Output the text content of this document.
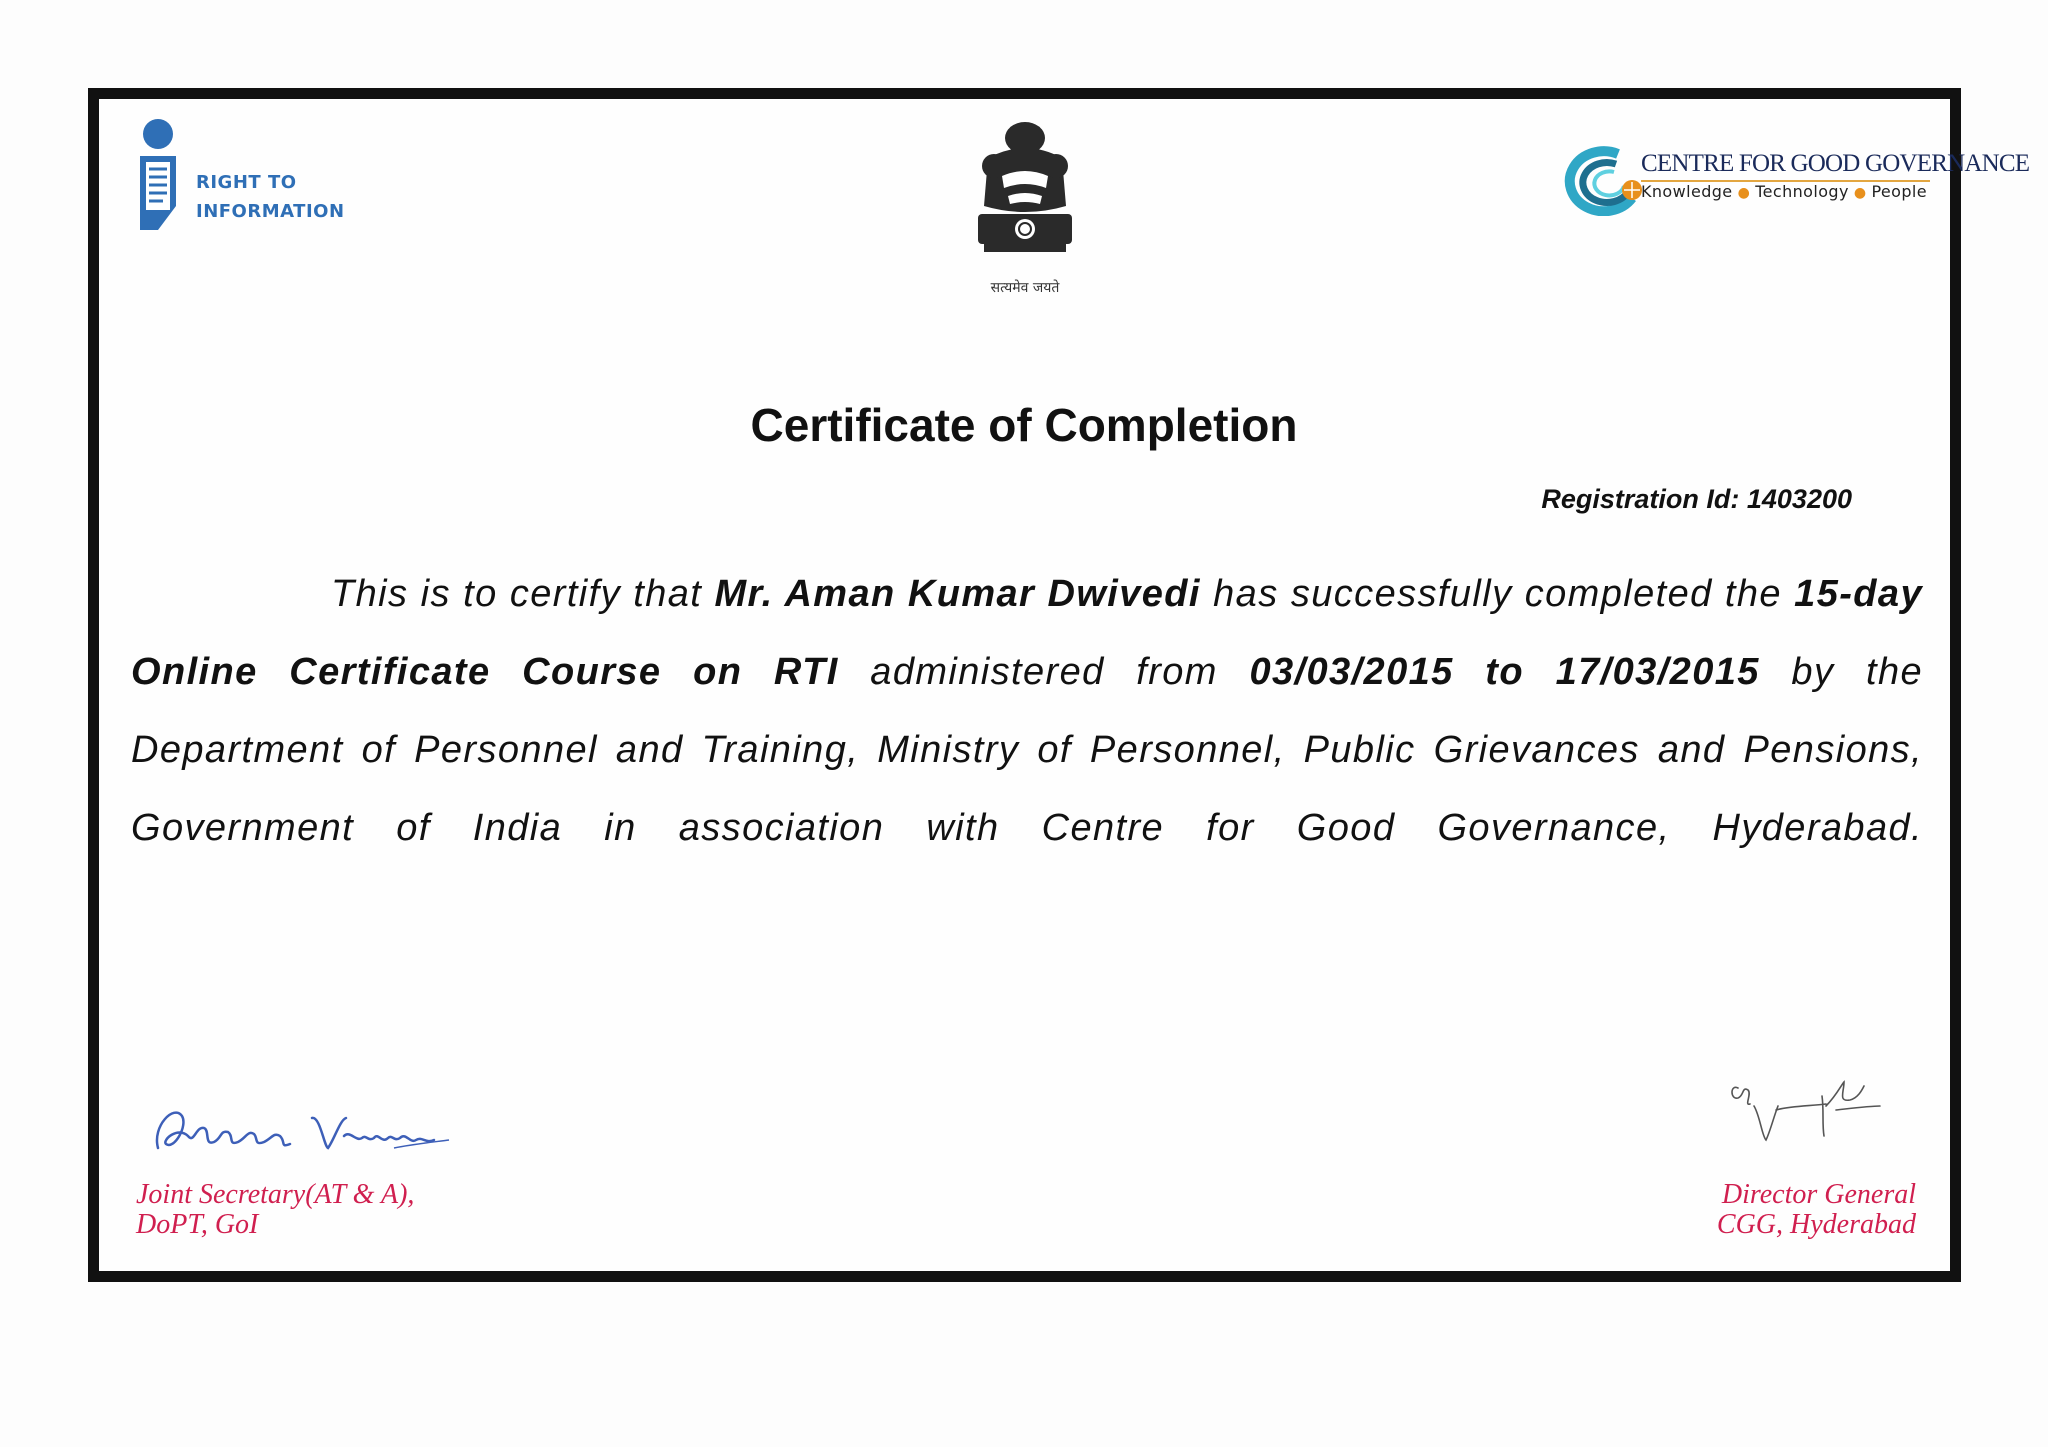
RIGHT TO
INFORMATION
सत्यमेव जयते
CENTRE FOR GOOD GOVERNANCE
Knowledge ● Technology ● People
Certificate of Completion
Registration Id: 1403200
This is to certify that Mr. Aman Kumar Dwivedi has successfully completed the 15-day Online Certificate Course on RTI administered from 03/03/2015 to 17/03/2015 by the Department of Personnel and Training, Ministry of Personnel, Public Grievances and Pensions, Government of India in association with Centre for Good Governance, Hyderabad.
Joint Secretary(AT & A),
DoPT, GoI
Director General
CGG, Hyderabad
